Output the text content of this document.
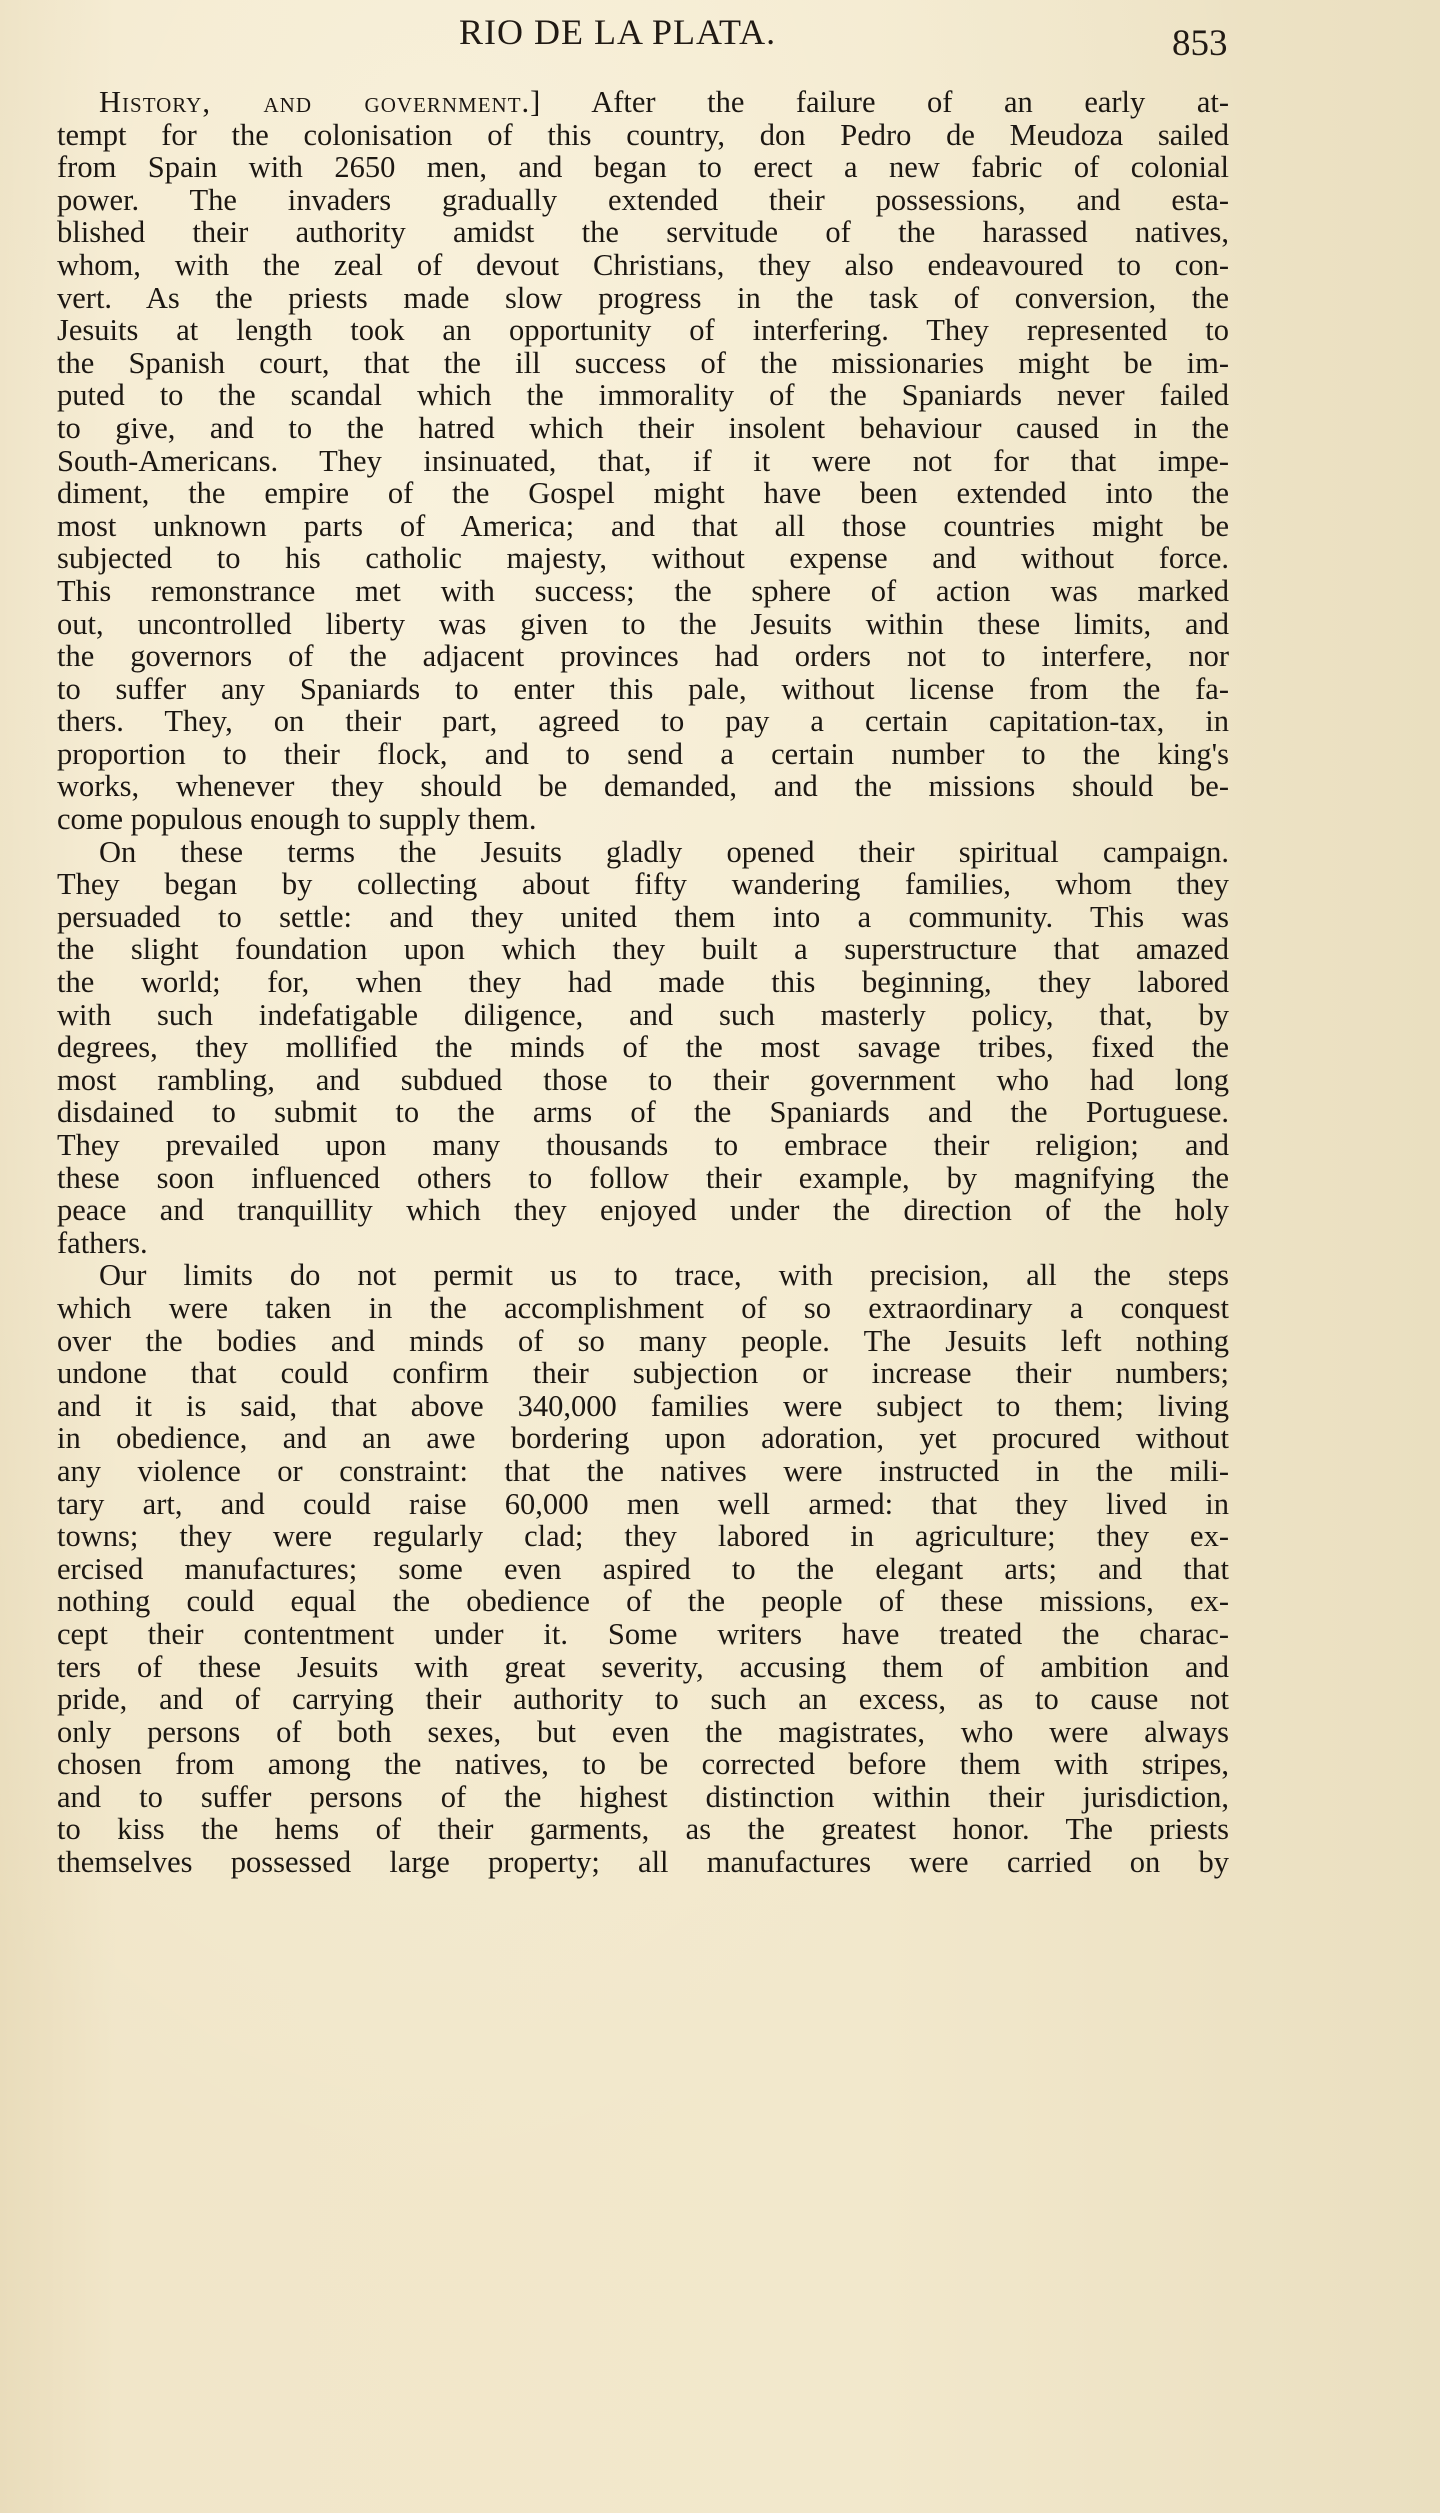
RIO DE LA PLATA.	853
History, and government.] After the failure of an early at-
tempt for the colonisation of this country, don Pedro de Meudoza sailed
from Spain with 2650 men, and began to erect a new fabric of colonial
power. The invaders gradually extended their possessions, and esta-
blished their authority amidst the servitude of the harassed natives,
whom, with the zeal of devout Christians, they also endeavoured to con-
vert. As the priests made slow progress in the task of conversion, the
Jesuits at length took an opportunity of interfering. They represented to
the Spanish court, that the ill success of the missionaries might be im-
puted to the scandal which the immorality of the Spaniards never failed
to give, and to the hatred which their insolent behaviour caused in the
South-Americans. They insinuated, that, if it were not for that impe-
diment, the empire of the Gospel might have been extended into the
most unknown parts of America; and that all those countries might be
subjected to his catholic majesty, without expense and without force.
This remonstrance met with success; the sphere of action was marked
out, uncontrolled liberty was given to the Jesuits within these limits, and
the governors of the adjacent provinces had orders not to interfere, nor
to suffer any Spaniards to enter this pale, without license from the fa-
thers. They, on their part, agreed to pay a certain capitation-tax, in
proportion to their flock, and to send a certain number to the king's
works, whenever they should be demanded, and the missions should be-
come populous enough to supply them.
On these terms the Jesuits gladly opened their spiritual campaign.
They began by collecting about fifty wandering families, whom they
persuaded to settle: and they united them into a community. This was
the slight foundation upon which they built a superstructure that amazed
the world; for, when they had made this beginning, they labored
with such indefatigable diligence, and such masterly policy, that, by
degrees, they mollified the minds of the most savage tribes, fixed the
most rambling, and subdued those to their government who had long
disdained to submit to the arms of the Spaniards and the Portuguese.
They prevailed upon many thousands to embrace their religion; and
these soon influenced others to follow their example, by magnifying the
peace and tranquillity which they enjoyed under the direction of the holy
fathers.
Our limits do not permit us to trace, with precision, all the steps
which were taken in the accomplishment of so extraordinary a conquest
over the bodies and minds of so many people. The Jesuits left nothing
undone that could confirm their subjection or increase their numbers;
and it is said, that above 340,000 families were subject to them; living
in obedience, and an awe bordering upon adoration, yet procured without
any violence or constraint: that the natives were instructed in the mili-
tary art, and could raise 60,000 men well armed: that they lived in
towns; they were regularly clad; they labored in agriculture; they ex-
ercised manufactures; some even aspired to the elegant arts; and that
nothing could equal the obedience of the people of these missions, ex-
cept their contentment under it. Some writers have treated the charac-
ters of these Jesuits with great severity, accusing them of ambition and
pride, and of carrying their authority to such an excess, as to cause not
only persons of both sexes, but even the magistrates, who were always
chosen from among the natives, to be corrected before them with stripes,
and to suffer persons of the highest distinction within their jurisdiction,
to kiss the hems of their garments, as the greatest honor. The priests
themselves possessed large property; all manufactures were carried on by
